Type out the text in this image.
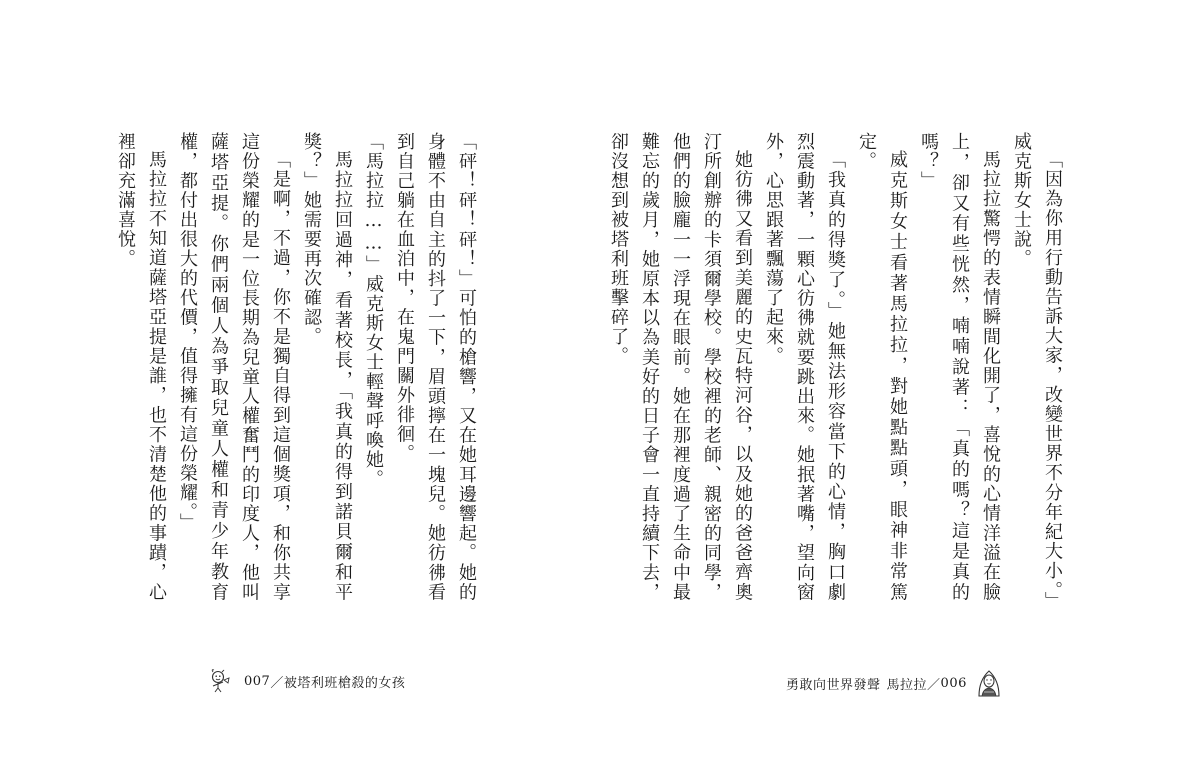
「砰！砰！砰！」可怕的槍響，又在她耳邊響起。她的身體不由自主的抖了一下，眉頭擰在一塊兒。她彷彿看到自己躺在血泊中，在鬼門關外徘徊。

「馬拉拉……」威克斯女士輕聲呼喚她。

馬拉拉回過神，看著校長，「我真的得到諾貝爾和平獎？」她需要再次確認。

「是啊，不過，你不是獨自得到這個獎項，和你共享這份榮耀的是一位長期為兒童人權奮鬥的印度人，他叫薩塔亞提。你們兩個人為爭取兒童人權和青少年教育權，都付出很大的代價，值得擁有這份榮耀。」

馬拉拉不知道薩塔亞提是誰，也不清楚他的事蹟，心裡卻充滿喜悅。

007 ／ 被塔利班槍殺的女孩

「因為你用行動告訴大家，改變世界不分年紀大小。」威克斯女士說。

馬拉拉驚愕的表情瞬間化開了，喜悅的心情洋溢在臉上，卻又有些恍然，喃喃說著：「真的嗎？這是真的嗎？」

威克斯女士看著馬拉拉，對她點點頭，眼神非常篤定。

「我真的得獎了。」她無法形容當下的心情，胸口劇烈震動著，一顆心彷彿就要跳出來。她抿著嘴，望向窗外，心思跟著飄蕩了起來。

她彷彿又看到美麗的史瓦特河谷，以及她的爸爸齊奧汀所創辦的卡須爾學校。學校裡的老師、親密的同學，他們的臉龐一一浮現在眼前。她在那裡度過了生命中最難忘的歲月，她原本以為美好的日子會一直持續下去，卻沒想到被塔利班擊碎了。

勇敢向世界發聲 馬拉拉 ／ 006
